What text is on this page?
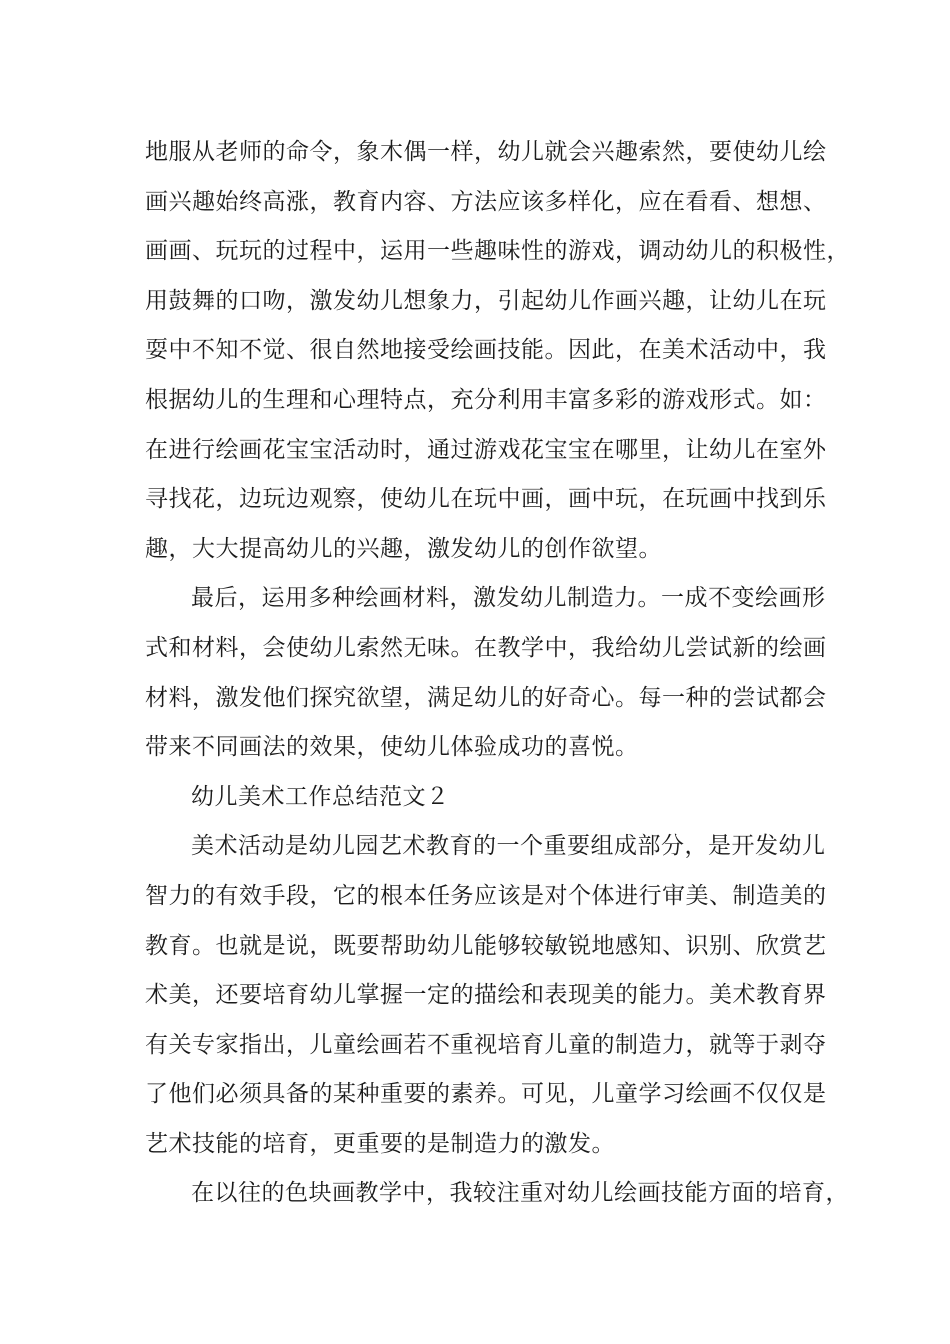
地服从老师的命令，象木偶一样，幼儿就会兴趣索然，要使幼儿绘
画兴趣始终高涨，教育内容、方法应该多样化，应在看看、想想、
画画、玩玩的过程中，运用一些趣味性的游戏，调动幼儿的积极性，
用鼓舞的口吻，激发幼儿想象力，引起幼儿作画兴趣，让幼儿在玩
耍中不知不觉、很自然地接受绘画技能。因此，在美术活动中，我
根据幼儿的生理和心理特点，充分利用丰富多彩的游戏形式。如：
在进行绘画花宝宝活动时，通过游戏花宝宝在哪里，让幼儿在室外
寻找花，边玩边观察，使幼儿在玩中画，画中玩，在玩画中找到乐
趣，大大提高幼儿的兴趣，激发幼儿的创作欲望。
最后，运用多种绘画材料，激发幼儿制造力。一成不变绘画形
式和材料，会使幼儿索然无味。在教学中，我给幼儿尝试新的绘画
材料，激发他们探究欲望，满足幼儿的好奇心。每一种的尝试都会
带来不同画法的效果，使幼儿体验成功的喜悦。
幼儿美术工作总结范文２
美术活动是幼儿园艺术教育的一个重要组成部分，是开发幼儿
智力的有效手段，它的根本任务应该是对个体进行审美、制造美的
教育。也就是说，既要帮助幼儿能够较敏锐地感知、识别、欣赏艺
术美，还要培育幼儿掌握一定的描绘和表现美的能力。美术教育界
有关专家指出，儿童绘画若不重视培育儿童的制造力，就等于剥夺
了他们必须具备的某种重要的素养。可见，儿童学习绘画不仅仅是
艺术技能的培育，更重要的是制造力的激发。
在以往的色块画教学中，我较注重对幼儿绘画技能方面的培育，
